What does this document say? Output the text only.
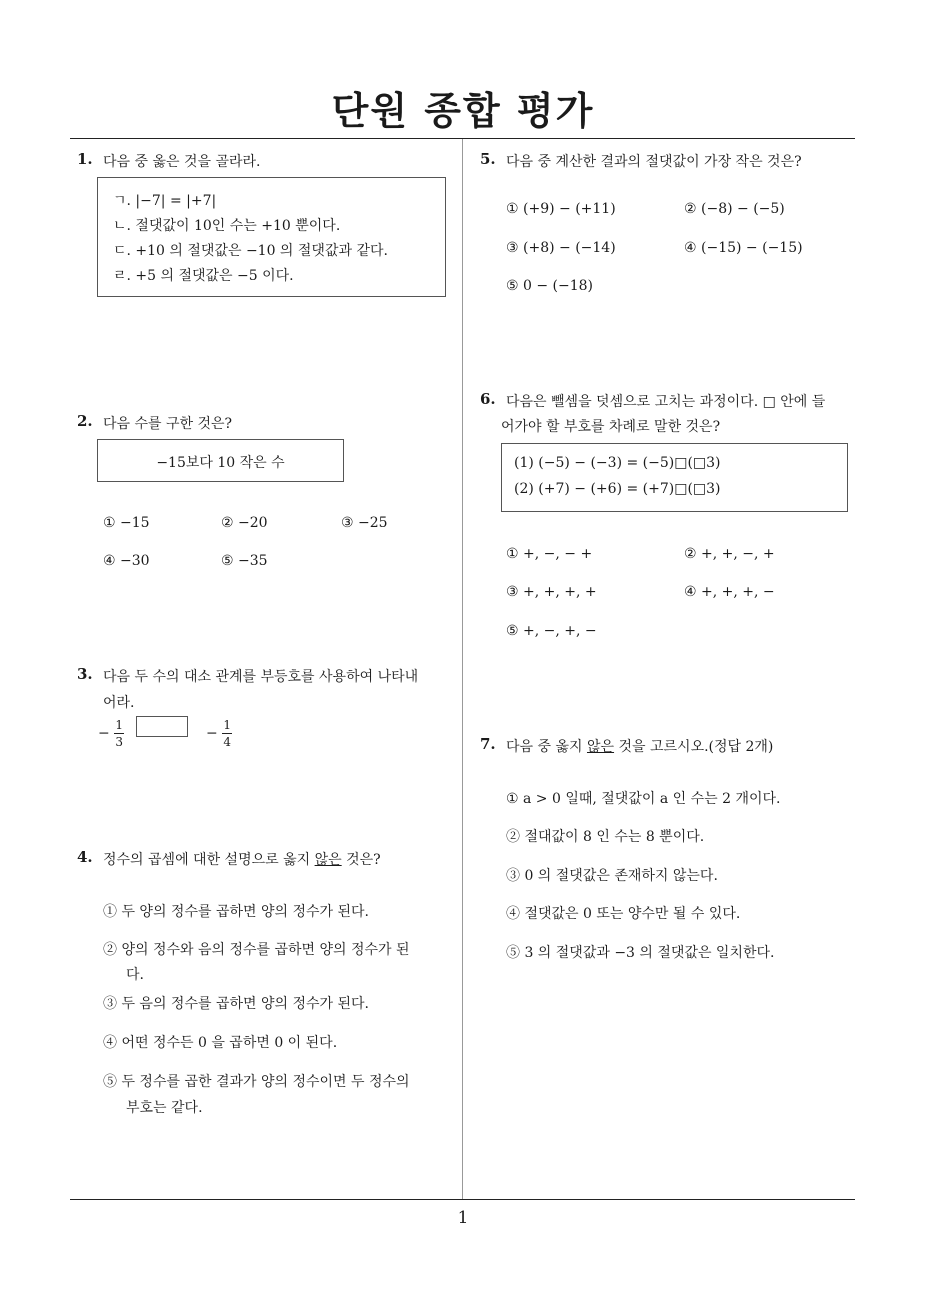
단원 종합 평가
1
1. 다음 중 옳은 것을 골라라.
ㄱ. |−7| = |+7|
ㄴ. 절댓값이 10인 수는 +10 뿐이다.
ㄷ. +10 의 절댓값은 −10 의 절댓값과 같다.
ㄹ. +5 의 절댓값은 −5 이다.
2. 다음 수를 구한 것은?
−15보다 10 작은 수
① −15	② −20	③ −25
④ −30	⑤ −35
3. 다음 두 수의 대소 관계를 부등호를 사용하여 나타내
어라.
− $\frac{1}{3}$	− $\frac{1}{4}$
4. 정수의 곱셈에 대한 설명으로 옳지 않은 것은?
① 두 양의 정수를 곱하면 양의 정수가 된다.
② 양의 정수와 음의 정수를 곱하면 양의 정수가 된
다.
③ 두 음의 정수를 곱하면 양의 정수가 된다.
④ 어떤 정수든 0 을 곱하면 0 이 된다.
⑤ 두 정수를 곱한 결과가 양의 정수이면 두 정수의
부호는 같다.
5. 다음 중 계산한 결과의 절댓값이 가장 작은 것은?
① (+9) − (+11)	② (−8) − (−5)
③ (+8) − (−14)	④ (−15) − (−15)
⑤ 0 − (−18)
6. 다음은 뺄셈을 덧셈으로 고치는 과정이다. □ 안에 들
어가야 할 부호를 차례로 말한 것은?
(1) (−5) − (−3) = (−5)□(□3)
(2) (+7) − (+6) = (+7)□(□3)
① +, −, − +	② +, +, −, +
③ +, +, +, +	④ +, +, +, −
⑤ +, −, +, −
7. 다음 중 옳지 않은 것을 고르시오.(정답 2개)
① a > 0 일때, 절댓값이 a 인 수는 2 개이다.
② 절대값이 8 인 수는 8 뿐이다.
③ 0 의 절댓값은 존재하지 않는다.
④ 절댓값은 0 또는 양수만 될 수 있다.
⑤ 3 의 절댓값과 −3 의 절댓값은 일치한다.
